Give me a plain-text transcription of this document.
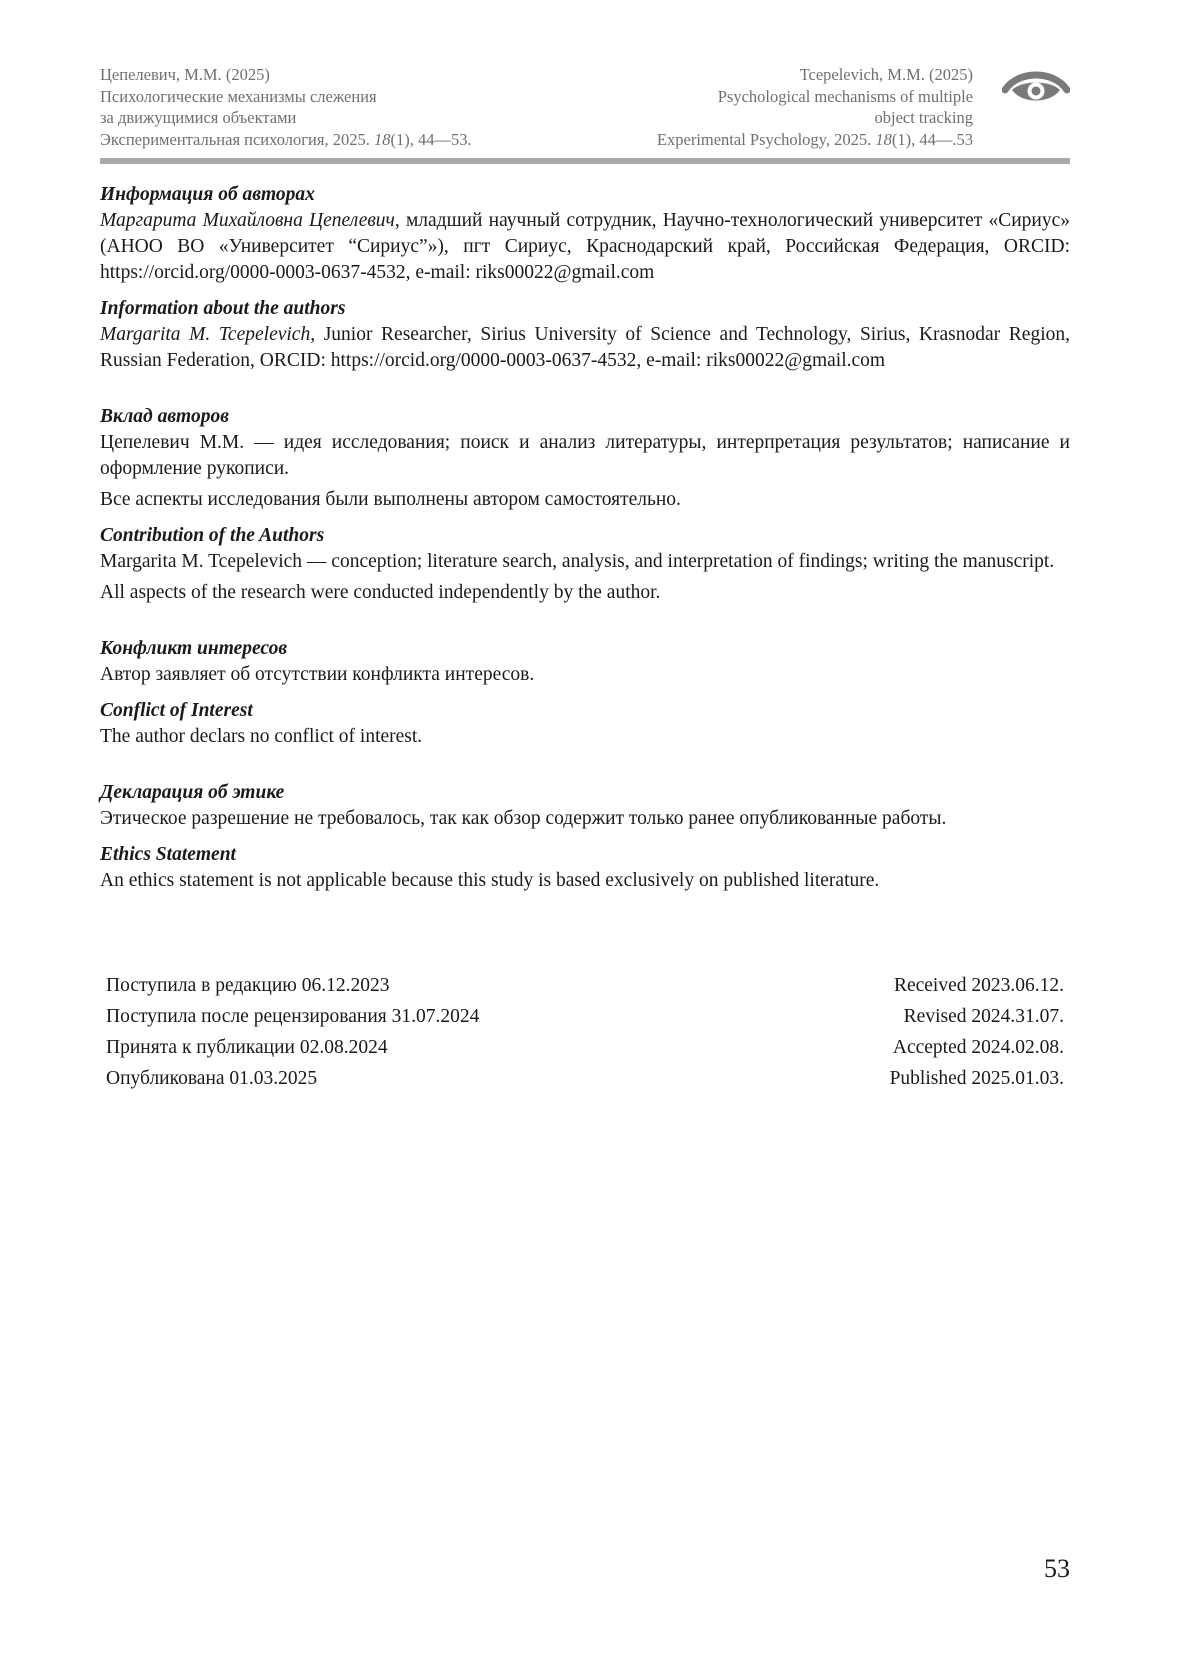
Цепелевич, М.М. (2025)
Психологические механизмы слежения
за движущимися объектами
Экспериментальная психология, 2025. 18(1), 44—53.
Tcepelevich, M.M. (2025)
Psychological mechanisms of multiple
object tracking
Experimental Psychology, 2025. 18(1), 44—.53

Информация об авторах

Маргарита Михайловна Цепелевич, младший научный сотрудник, Научно-технологический университет «Сириус» (АНОО ВО «Университет “Сириус”»), пгт Сириус, Краснодарский край, Российская Федерация, ORCID: https://orcid.org/0000-0003-0637-4532, e-mail: riks00022@gmail.com

Information about the authors

Margarita M. Tcepelevich, Junior Researcher, Sirius University of Science and Technology, Sirius, Krasnodar Region, Russian Federation, ORCID: https://orcid.org/0000-0003-0637-4532, e-mail: riks00022@gmail.com

Вклад авторов

Цепелевич М.М. — идея исследования; поиск и анализ литературы, интерпретация результатов; написание и оформление рукописи.

Все аспекты исследования были выполнены автором самостоятельно.

Contribution of the Authors

Margarita M. Tcepelevich — conception; literature search, analysis, and interpretation of findings; writing the manuscript.

All aspects of the research were conducted independently by the author.

Конфликт интересов

Автор заявляет об отсутствии конфликта интересов.

Conflict of Interest

The author declars no conflict of interest.

Декларация об этике

Этическое разрешение не требовалось, так как обзор содержит только ранее опубликованные работы.

Ethics Statement

An ethics statement is not applicable because this study is based exclusively on published literature.

Поступила в редакцию 06.12.2023	Received 2023.06.12.
Поступила после рецензирования 31.07.2024	Revised 2024.31.07.
Принята к публикации 02.08.2024	Accepted 2024.02.08.
Опубликована 01.03.2025	Published 2025.01.03.
53
